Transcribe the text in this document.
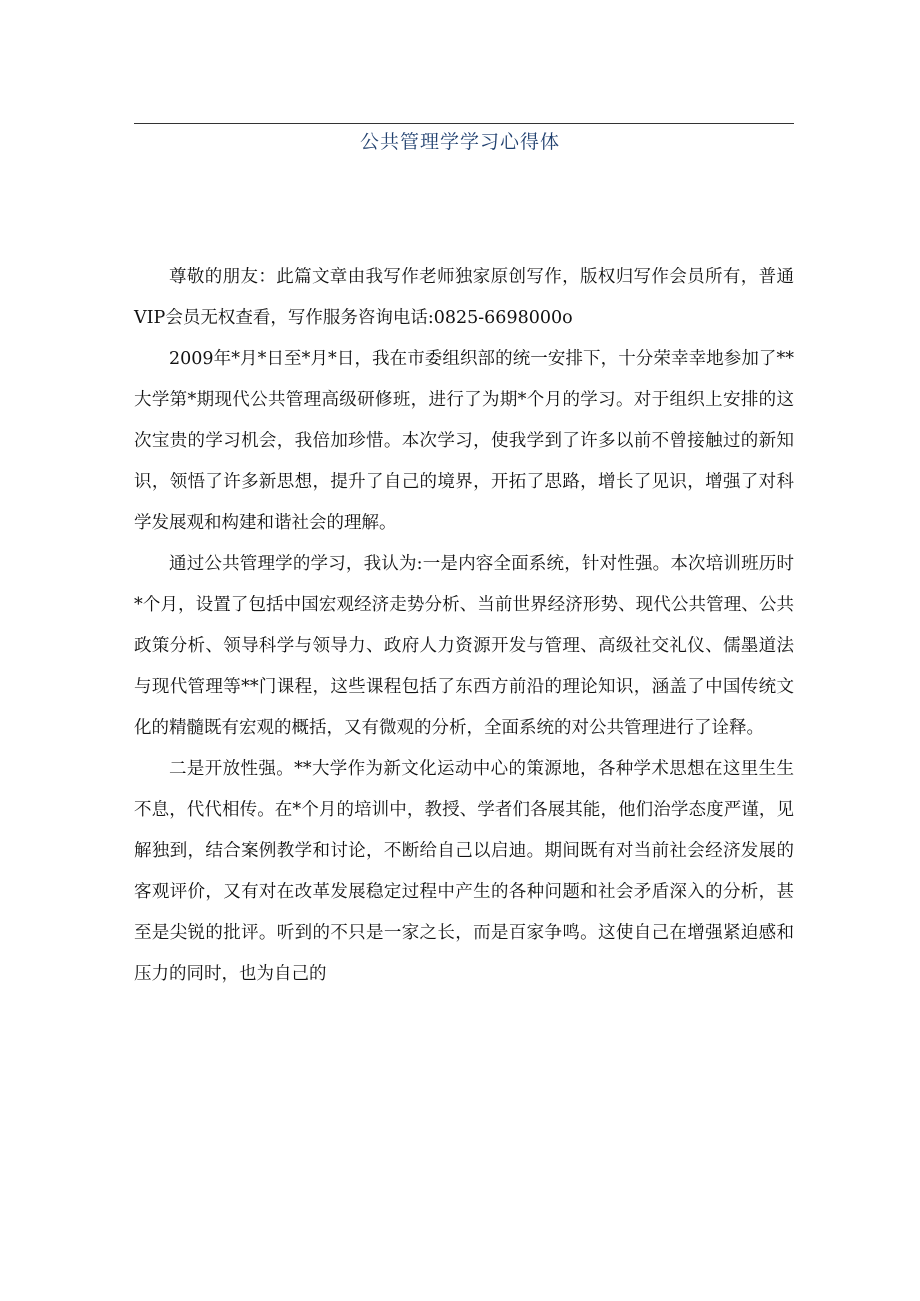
公共管理学学习心得体

尊敬的朋友：此篇文章由我写作老师独家原创写作，版权归写作会员所有，普通VIP会员无权查看，写作服务咨询电话:0825-6698000o

2009年*月*日至*月*日，我在市委组织部的统一安排下，十分荣幸幸地参加了**大学第*期现代公共管理高级研修班，进行了为期*个月的学习。对于组织上安排的这次宝贵的学习机会，我倍加珍惜。本次学习，使我学到了许多以前不曾接触过的新知识，领悟了许多新思想，提升了自己的境界，开拓了思路，增长了见识，增强了对科学发展观和构建和谐社会的理解。

通过公共管理学的学习，我认为:一是内容全面系统，针对性强。本次培训班历时*个月，设置了包括中国宏观经济走势分析、当前世界经济形势、现代公共管理、公共政策分析、领导科学与领导力、政府人力资源开发与管理、高级社交礼仪、儒墨道法与现代管理等**门课程，这些课程包括了东西方前沿的理论知识，涵盖了中国传统文化的精髓既有宏观的概括，又有微观的分析，全面系统的对公共管理进行了诠释。

二是开放性强。**大学作为新文化运动中心的策源地，各种学术思想在这里生生不息，代代相传。在*个月的培训中，教授、学者们各展其能，他们治学态度严谨，见解独到，结合案例教学和讨论，不断给自己以启迪。期间既有对当前社会经济发展的客观评价，又有对在改革发展稳定过程中产生的各种问题和社会矛盾深入的分析，甚至是尖锐的批评。听到的不只是一家之长，而是百家争鸣。这使自己在增强紧迫感和压力的同时，也为自己的
